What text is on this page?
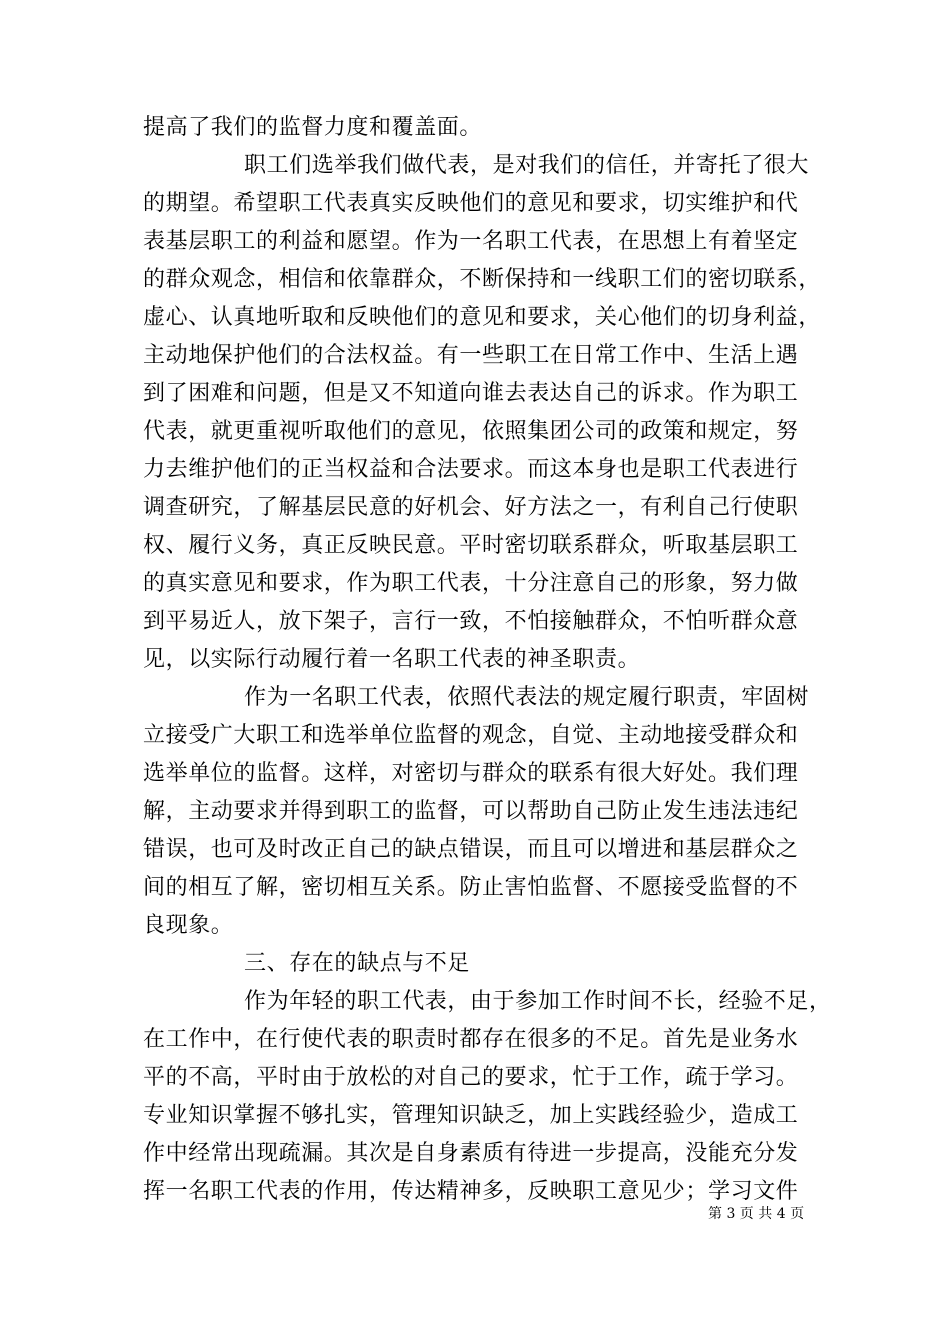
提高了我们的监督力度和覆盖面。
职工们选举我们做代表，是对我们的信任，并寄托了很大
的期望。希望职工代表真实反映他们的意见和要求，切实维护和代
表基层职工的利益和愿望。作为一名职工代表，在思想上有着坚定
的群众观念，相信和依靠群众，不断保持和一线职工们的密切联系，
虚心、认真地听取和反映他们的意见和要求，关心他们的切身利益，
主动地保护他们的合法权益。有一些职工在日常工作中、生活上遇
到了困难和问题，但是又不知道向谁去表达自己的诉求。作为职工
代表，就更重视听取他们的意见，依照集团公司的政策和规定，努
力去维护他们的正当权益和合法要求。而这本身也是职工代表进行
调查研究，了解基层民意的好机会、好方法之一，有利自己行使职
权、履行义务，真正反映民意。平时密切联系群众，听取基层职工
的真实意见和要求，作为职工代表，十分注意自己的形象，努力做
到平易近人，放下架子，言行一致，不怕接触群众，不怕听群众意
见，以实际行动履行着一名职工代表的神圣职责。
作为一名职工代表，依照代表法的规定履行职责，牢固树
立接受广大职工和选举单位监督的观念，自觉、主动地接受群众和
选举单位的监督。这样，对密切与群众的联系有很大好处。我们理
解，主动要求并得到职工的监督，可以帮助自己防止发生违法违纪
错误，也可及时改正自己的缺点错误，而且可以增进和基层群众之
间的相互了解，密切相互关系。防止害怕监督、不愿接受监督的不
良现象。
三、存在的缺点与不足
作为年轻的职工代表，由于参加工作时间不长，经验不足，
在工作中，在行使代表的职责时都存在很多的不足。首先是业务水
平的不高，平时由于放松的对自己的要求，忙于工作，疏于学习。
专业知识掌握不够扎实，管理知识缺乏，加上实践经验少，造成工
作中经常出现疏漏。其次是自身素质有待进一步提高，没能充分发
挥一名职工代表的作用，传达精神多，反映职工意见少；学习文件
第 3 页 共 4 页
